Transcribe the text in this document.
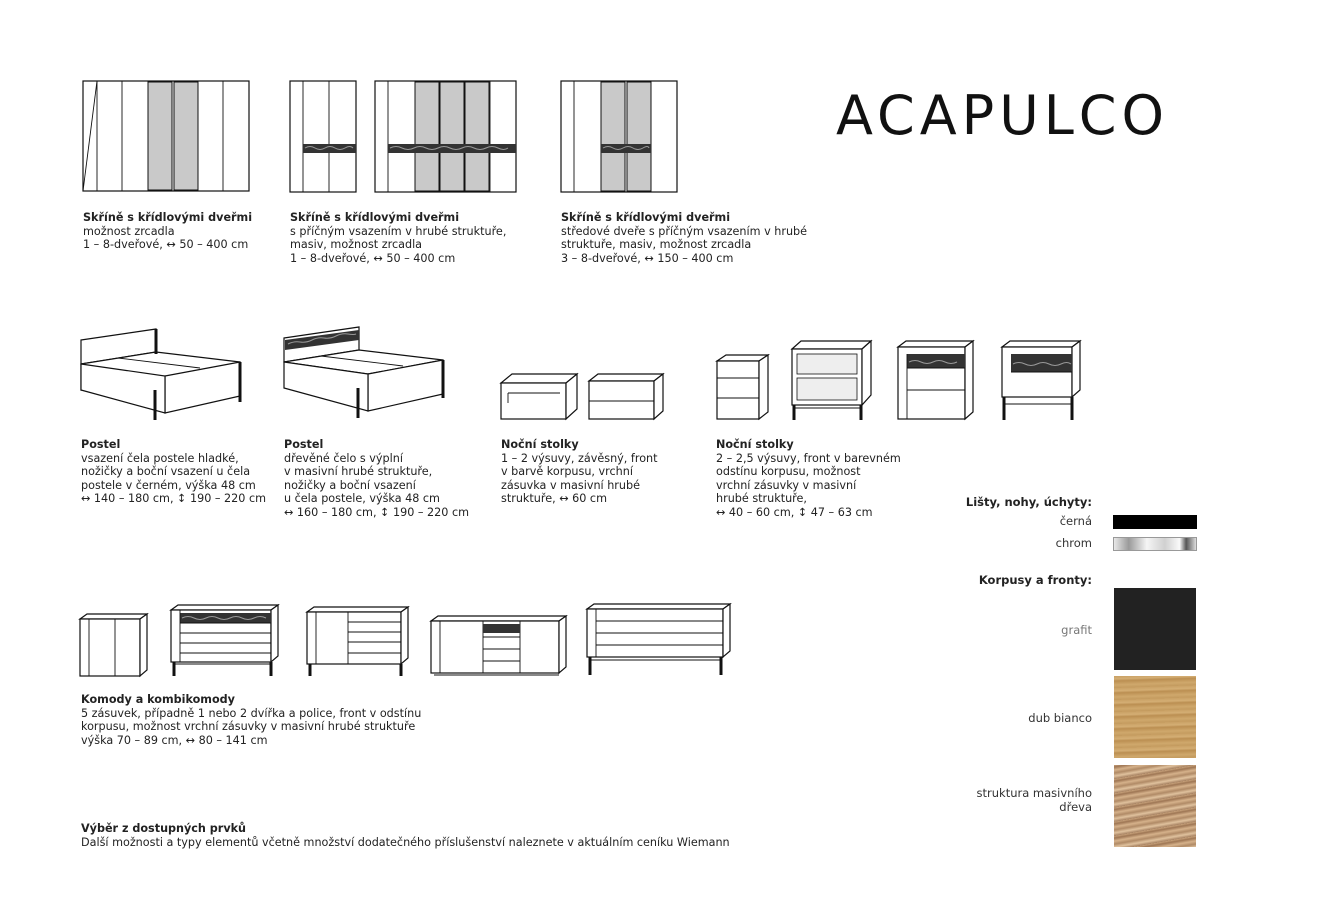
ACAPULCO
Skříně s křídlovými dveřmi
možnost zrcadla
1 – 8-dveřové, ↔ 50 – 400 cm
Skříně s křídlovými dveřmi
s příčným vsazením v hrubé struktuře,
masiv, možnost zrcadla
1 – 8-dveřové, ↔ 50 – 400 cm
Skříně s křídlovými dveřmi
středové dveře s příčným vsazením v hrubé
struktuře, masiv, možnost zrcadla
3 – 8-dveřové, ↔ 150 – 400 cm
Postel
vsazení čela postele hladké,
nožičky a boční vsazení u čela
postele v černém, výška 48 cm
↔ 140 – 180 cm, ↕ 190 – 220 cm
Postel
dřevěné čelo s výplní
v masivní hrubé struktuře,
nožičky a boční vsazení
u čela postele, výška 48 cm
↔ 160 – 180 cm, ↕ 190 – 220 cm
Noční stolky
1 – 2 výsuvy, závěsný, front
v barvě korpusu, vrchní
zásuvka v masivní hrubé
struktuře, ↔ 60 cm
Noční stolky
2 – 2,5 výsuvy, front v barevném
odstínu korpusu, možnost
vrchní zásuvky v masivní
hrubé struktuře,
↔ 40 – 60 cm, ↕ 47 – 63 cm
Komody a kombikomody
5 zásuvek, případně 1 nebo 2 dvířka a police, front v odstínu
korpusu, možnost vrchní zásuvky v masivní hrubé struktuře
výška 70 – 89 cm, ↔ 80 – 141 cm
Výběr z dostupných prvků
Další možnosti a typy elementů včetně množství dodatečného příslušenství naleznete v aktuálním ceníku Wiemann
Lišty, nohy, úchyty:
černá
chrom
Korpusy a fronty:
grafit
dub bianco
struktura masivního dřeva
